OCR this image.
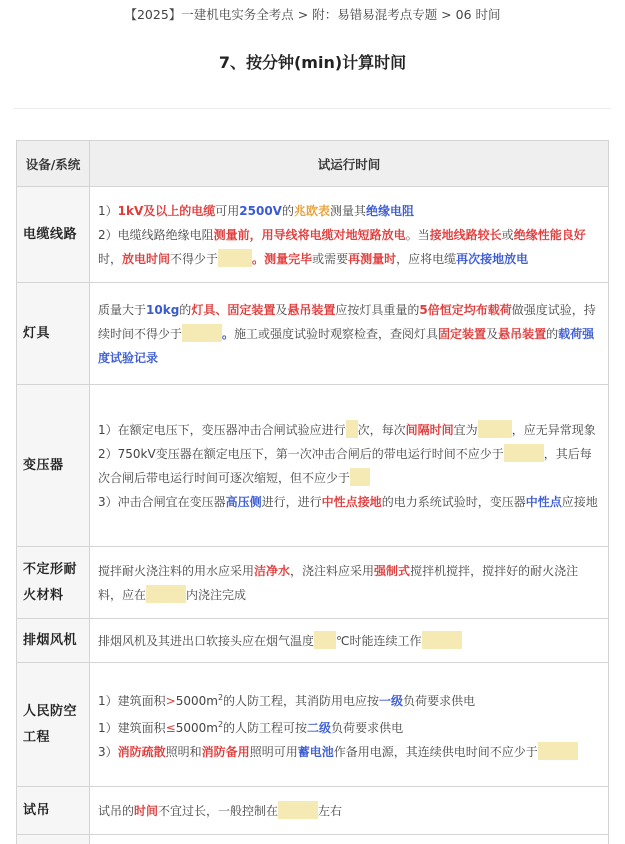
【2025】一建机电实务全考点 > 附：易错易混考点专题 > 06 时间
7、按分钟(min)计算时间
设备/系统	试运行时间
电缆线路	1）1kV及以上的电缆可用2500V的兆欧表测量其绝缘电阻
2）电缆线路绝缘电阻测量前，用导线将电缆对地短路放电。当接地线路较长或绝缘性能良好时，放电时间不得少于 。测量完毕或需要再测量时，应将电缆再次接地放电

灯具	质量大于10kg的灯具、固定装置及悬吊装置应按灯具重量的5倍恒定均布载荷做强度试验，持续时间不得少于 。施工或强度试验时观察检查，查阅灯具固定装置及悬吊装置的载荷强度试验记录
变压器	1）在额定电压下，变压器冲击合闸试验应进行 次，每次间隔时间宜为 ，应无异常现象
2）750kV变压器在额定电压下，第一次冲击合闸后的带电运行时间不应少于 ，其后每次合闸后带电运行时间可逐次缩短，但不应少于
3）冲击合闸宜在变压器高压侧进行，进行中性点接地的电力系统试验时，变压器中性点应接地

不定形耐火材料	搅拌耐火浇注料的用水应采用洁净水，浇注料应采用强制式搅拌机搅拌，搅拌好的耐火浇注料，应在 内浇注完成
排烟风机	排烟风机及其进出口软接头应在烟气温度 ℃时能连续工作
人民防空工程	1）建筑面积$>5000m^2$的人防工程，其消防用电应按一级负荷要求供电
1）建筑面积$\le 5000m^2$的人防工程可按二级负荷要求供电
3）消防疏散照明和消防备用照明可用蓄电池作备用电源，其连续供电时间不应少于

试吊	试吊的时间不宜过长，一般控制在 左右
